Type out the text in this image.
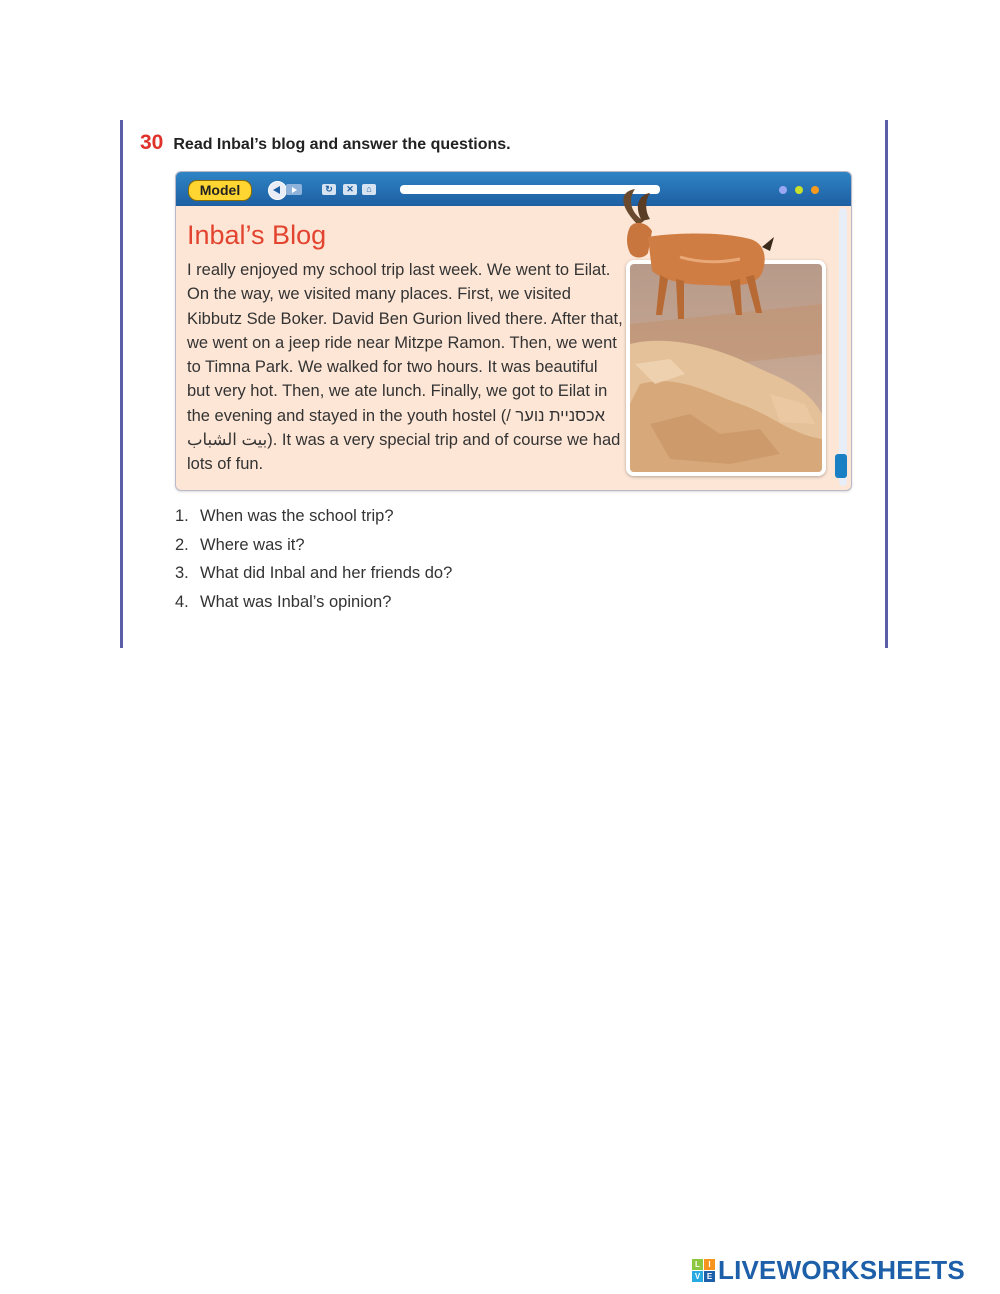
30 Read Inbal’s blog and answer the questions.
Model	↻	✕	⌂
Inbal’s Blog

I really enjoyed my school trip last week. We went to Eilat. On the way, we visited many places. First, we visited Kibbutz Sde Boker. David Ben Gurion lived there. After that, we went on a jeep ride near Mitzpe Ramon. Then, we went to Timna Park. We walked for two hours. It was beautiful but very hot. Then, we ate lunch. Finally, we got to Eilat in the evening and stayed in the youth hostel (אכסניית נוער / بيت الشباب). It was a very special trip and of course we had lots of fun.

1. When was the school trip?
2. Where was it?
3. What did Inbal and her friends do?
4. What was Inbal’s opinion?
L	I
V E LIVEWORKSHEETS
